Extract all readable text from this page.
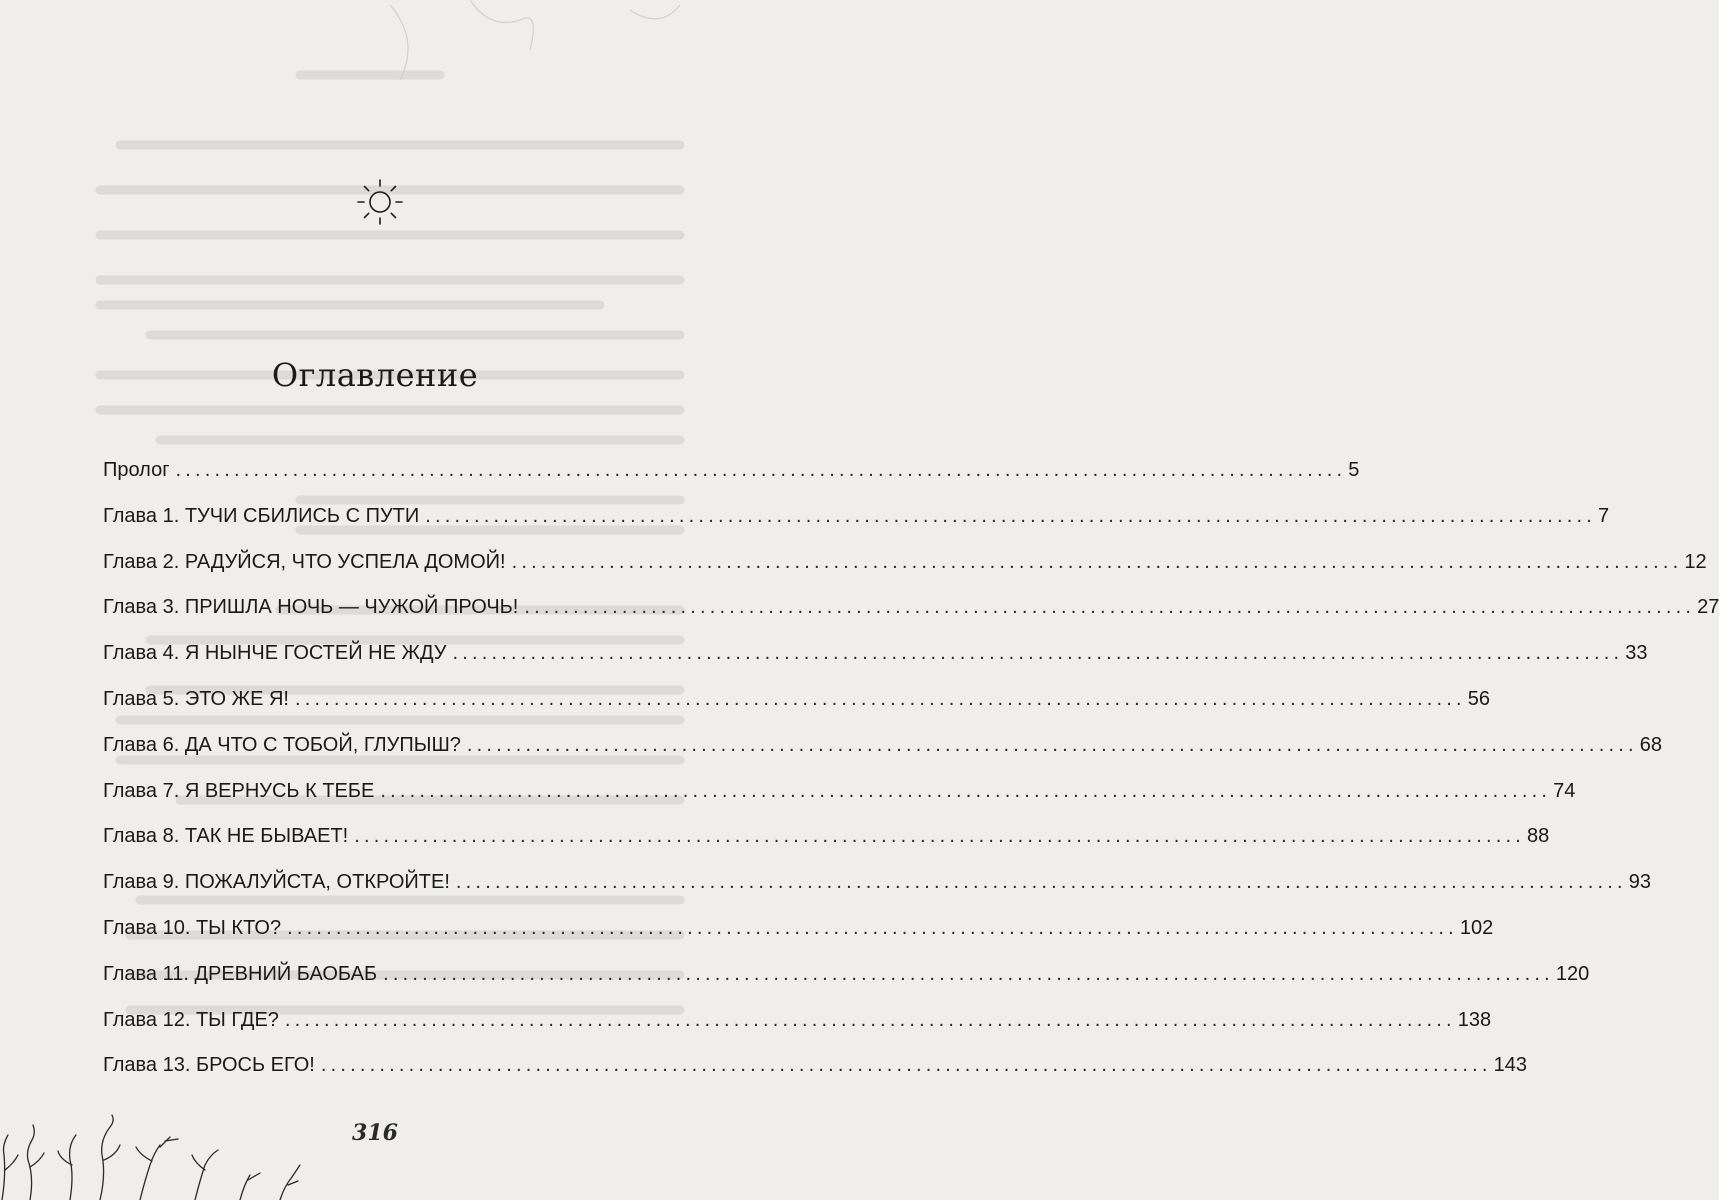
Оглавление
Пролог ........................................................................................................................ 5
Глава 1. ТУЧИ СБИЛИСЬ С ПУТИ ........................................................................................................................ 7
Глава 2. РАДУЙСЯ, ЧТО УСПЕЛА ДОМОЙ! ........................................................................................................................ 12
Глава 3. ПРИШЛА НОЧЬ — ЧУЖОЙ ПРОЧЬ! ........................................................................................................................ 27
Глава 4. Я НЫНЧЕ ГОСТЕЙ НЕ ЖДУ ........................................................................................................................ 33
Глава 5. ЭТО ЖЕ Я! ........................................................................................................................ 56
Глава 6. ДА ЧТО С ТОБОЙ, ГЛУПЫШ? ........................................................................................................................ 68
Глава 7. Я ВЕРНУСЬ К ТЕБЕ ........................................................................................................................ 74
Глава 8. ТАК НЕ БЫВАЕТ! ........................................................................................................................ 88
Глава 9. ПОЖАЛУЙСТА, ОТКРОЙТЕ! ........................................................................................................................ 93
Глава 10. ТЫ КТО? ........................................................................................................................ 102
Глава 11. ДРЕВНИЙ БАОБАБ ........................................................................................................................ 120
Глава 12. ТЫ ГДЕ? ........................................................................................................................ 138
Глава 13. БРОСЬ ЕГО! ........................................................................................................................ 143
316
